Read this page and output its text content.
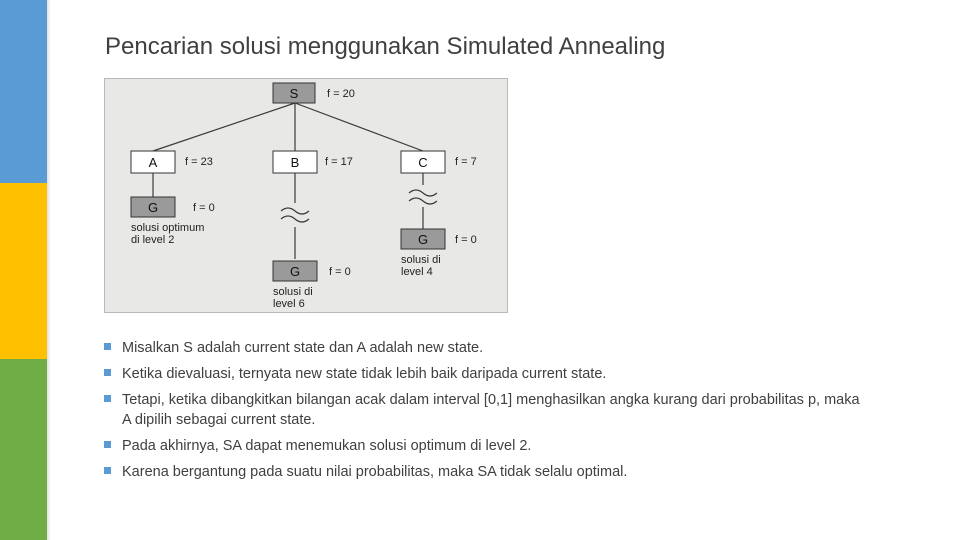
Pencarian solusi menggunakan Simulated Annealing
S	f = 20
A	f = 23	B f = 17	C f = 7
G	f = 0
solusi optimum
di level 2	G f = 0
solusi di
level 4
G	f = 0
solusi di
level 6
Misalkan S adalah current state dan A adalah new state.
Ketika dievaluasi, ternyata new state tidak lebih baik daripada current state.
Tetapi, ketika dibangkitkan bilangan acak dalam interval [0,1] menghasilkan angka kurang dari probabilitas p, maka A dipilih sebagai current state.
Pada akhirnya, SA dapat menemukan solusi optimum di level 2.
Karena bergantung pada suatu nilai probabilitas, maka SA tidak selalu optimal.
